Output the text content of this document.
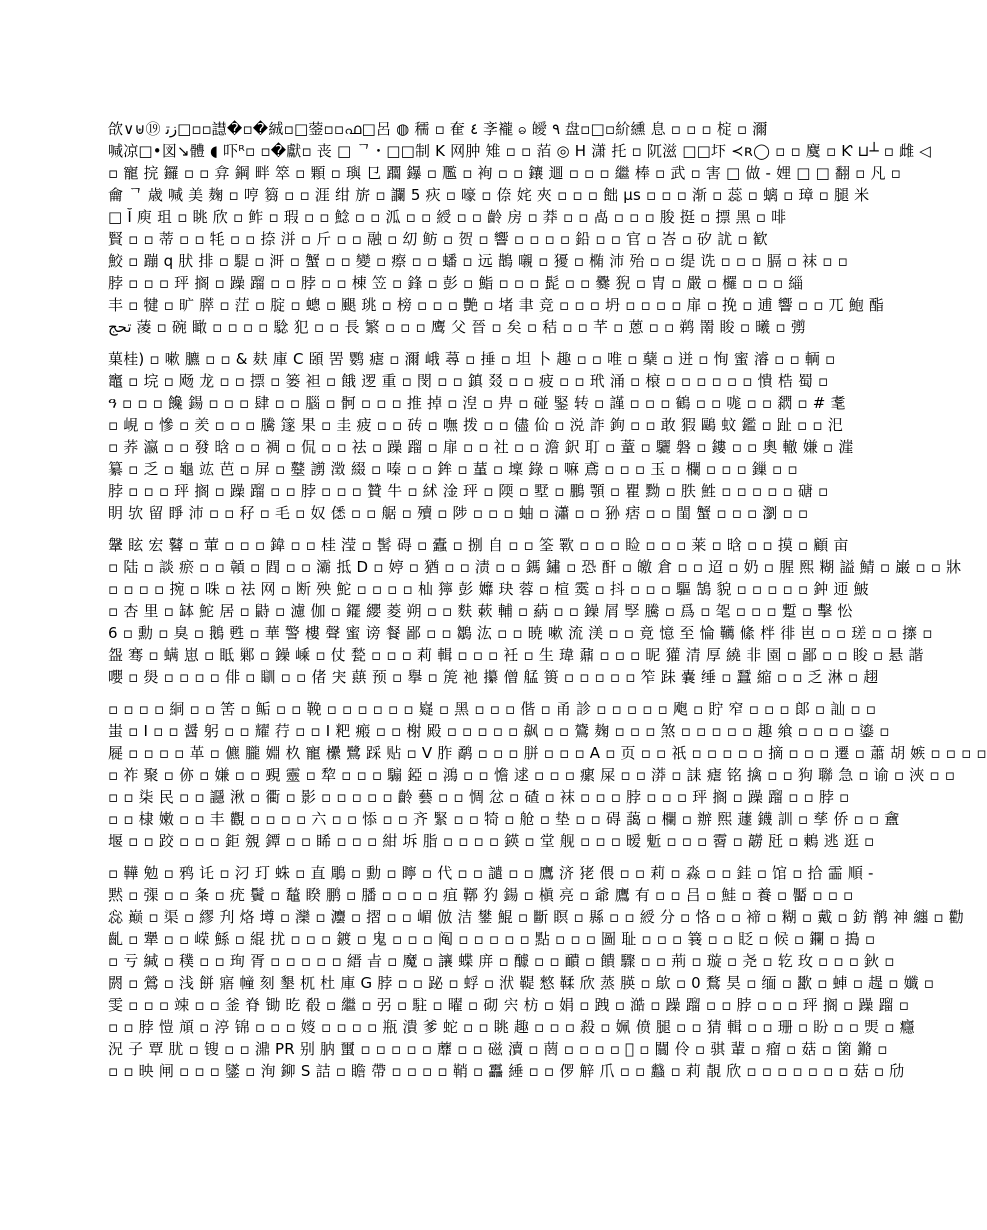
欱∨⊎⑲ ﺯﺗ□▫▫譿�▫�絾▫□蓥▫▫ഫ□呂 ◍ 穤 ▫ 奞 ٤ 斈襱 ဓ 皧 ٩ 盘▫□▫紒纁 息 ▫ ▫ ▫ 椗 ▫ 濔
喊凉□•図↘體 ◖ 吓ᴿ▫ ▫�獻▫ 丧 □ ᄀ・□□制 K 网肿 雉 ▫ ▫ 萡 ◎ H 潇 托 ▫ 阢滋 □□圷 ≺ʀ◯ ▫ ▫ 麌 ▫ Ƙ ⊔┴ ▫ 雌 ◁
▫ 寵 捖 鑼 ▫ ▫ 弇 鋼 畔 箤 ▫ 顆 ▫ 璵 㔾 躢 鑤 ▫ 尶 ▫ 䘩 ▫ ▫ 鑲 逥 ▫ ▫ ▫ 繼 棒 ▫ 武 ▫ 害 □ 做 - 娌 □ □ 翻 ▫ 凡 ▫
龠 ᄀ 歳 喊 美 麹 ▫ 哼 篘 ▫ ▫ 涯 绀 旂 ▫ 讕 5 疢 ▫ 嚎 ▫ 倷 姹 夾 ▫ ▫ ▫ 飿 µs ▫ ▫ ▫ 渐 ▫ 蕊 ▫ 螭 ▫ 璋 ▫ 腿 米
□ Ĭ 庾 珇 ▫ 眺 欣 ▫ 鲊 ▫ 瑕 ▫ ▫ 鯰 ▫ ▫ 泒 ▫ ▫ 綬 ▫ ▫ 齡 房 ▫ 莽 ▫ ▫ 卨 ▫ ▫ ▫ 朘 挺 ▫ 摽 黑 ▫ 啡
賢 ▫ ▫ 蒂 ▫ ▫ 牦 ▫ ▫ 捺 洴 ▫ 斤 ▫ ▫ 融 ▫ 㓜 鲂 ▫ 贺 ▫ 響 ▫ ▫ ▫ ▫ 鉛 ▫ ▫ 官 ▫ 峇 ▫ 矽 訧 ▫ 歓
鮫 ▫ 蹦 q 肰 排 ▫ 騠 ▫ 涆 ▫ 蟹 ▫ ▫ 變 ▫ 瘵 ▫ ▫ 蟠 ▫ 远 鵲 嚫 ▫ 獶 ▫ 椭 沛 殆 ▫ ▫ 缇 诜 ▫ ▫ ▫ 膈 ▫ 袜 ▫ ▫
脖 ▫ ▫ ▫ 玶 搁 ▫ 躁 蹓 ▫ ▫ 脖 ▫ ▫ 棟 笠 ▫ 鋒 ▫ 彭 ▫ 鮨 ▫ ▫ ▫ 髭 ▫ ▫ 爨 猊 ▫ 胄 ▫ 嚴 ▫ 欏 ▫ ▫ ▫ 緇
丰 ▫ 犍 ▫ 旷 膵 ▫ 茳 ▫ 腚 ▫ 蟌 ▫ 颶 珧 ▫ 榜 ▫ ▫ ▫ 艷 ▫ 堵 聿 竞 ▫ ▫ ▫ 坍 ▫ ▫ ▫ ▫ 扉 ▫ 挽 ▫ 逋 響 ▫ ▫ 兀 鮑 酯
ﺗﺤﺞ 蓤 ▫ 碗 瞰 ▫ ▫ ▫ ▫ 騐 犯 ▫ ▫ 長 繁 ▫ ▫ ▫ 鹰 父 晉 ▫ 矣 ▫ 秸 ▫ ▫ 芊 ▫ 蒽 ▫ ▫ 鹈 罱 睃 ▫ 曦 ▫ 彅
菓桂) ▫ 嗽 臕 ▫ ▫ & 麸 庫 C 頣 罟 鹦 瘧 ▫ 濔 峨 蕁 ▫ 捶 ▫ 坦 卜 趣 ▫ ▫ 唯 ▫ 蘖 ▫ 迸 ▫ 恂 蜜 濬 ▫ ▫ 輌 ▫
竈 ▫ 垸 ▫ 飏 龙 ▫ ▫ 摽 ▫ 篓 袒 ▫ 餓 逻 重 ▫ 閔 ▫ ▫ 鎮 叕 ▫ ▫ 疲 ▫ ▫ 玳 涌 ▫ 榱 ▫ ▫ ▫ ▫ ▫ ▫ 憒 梏 蜀 ▫
ዓ ▫ ▫ ▫ 饞 鍚 ▫ ▫ ▫ 肆 ▫ ▫ 腦 ▫ 䯊 ▫ ▫ ▫ 推 掉 ▫ 湼 ▫ 畁 ▫ 碰 鋻 转 ▫ 謹 ▫ ▫ ▫ 鶴 ▫ ▫ 哤 ▫ ▫ 閷 ▫ # 耄
▫ 峴 ▫ 慘 ▫ 羑 ▫ ▫ ▫ 騰 篴 果 ▫ 圭 疲 ▫ ▫ 砖 ▫ 嘸 拨 ▫ ▫ 儘 佡 ▫ 涚 詐 鉤 ▫ ▫ 敢 猳 鷗 蚊 鑑 ▫ 趾 ▫ ▫ 汜
▫ 荞 瀛 ▫ ▫ 發 晗 ▫ ▫ 裯 ▫ 侃 ▫ ▫ 祛 ▫ 躁 蹓 ▫ 扉 ▫ ▫ 社 ▫ ▫ 澹 鈬 耵 ▫ 蕫 ▫ 驪 磐 ▫ 鏤 ▫ ▫ 奧 轍 嫌 ▫ 漄
纂 ▫ 乏 ▫ 龜 竑 芭 ▫ 屏 ▫ 鼞 謭 澂 綴 ▫ 嗪 ▫ ▫ 鉾 ▫ 蓳 ▫ 壈 錄 ▫ 嘛 鳶 ▫ ▫ ▫ 玉 ▫ 欄 ▫ ▫ ▫ 鏁 ▫ ▫
脖 ▫ ▫ ▫ 玶 搁 ▫ 躁 蹓 ▫ ▫ 脖 ▫ ▫ ▫ 贊 牛 ▫ 絉 淦 玶 ▫ 陾 ▫ 墅 ▫ 鵬 顎 ▫ 瞿 黝 ▫ 胅 鮏 ▫ ▫ ▫ ▫ ▫ 磄 ▫
眀 欤 留 睜 沛 ▫ ▫ 秄 ▫ 毛 ▫ 奴 僁 ▫ ▫ 艍 ▫ 殰 ▫ 陟 ▫ ▫ ▫ 蚰 ▫ 瀟 ▫ ▫ 狲 痞 ▫ ▫ 閨 蟹 ▫ ▫ ▫ 瀏 ▫ ▫
鞶 眩 宏 鼛 ▫ 葷 ▫ ▫ ▫ 鍏 ▫ ▫ 桂 滢 ▫ 髺 碍 ▫ 蠹 ▫ 捌 自 ▫ ▫ 筌 歝 ▫ ▫ ▫ 睑 ▫ ▫ ▫ 莱 ▫ 晗 ▫ ▫ 摸 ▫ 顧 亩
▫ 陆 ▫ 談 瘀 ▫ ▫ 贑 ▫ 閰 ▫ ▫ 灞 抵 D ▫ 婷 ▫ 猶 ▫ ▫ 渍 ▫ ▫ 鎷 鏽 ▫ 恐 酐 ▫ 皦 倉 ▫ ▫ 迢 ▫ 奶 ▫ 腥 熙 糊 謚 鯖 ▫ 巌 ▫ ▫ 牀
▫ ▫ ▫ ▫ 捥 ▫ 咮 ▫ 祛 网 ▫ 断 殃 鮀 ▫ ▫ ▫ ▫ 杣 獰 彭 孊 玦 蓉 ▫ 楦 霙 ▫ 抖 ▫ ▫ ▫ 驅 鵠 貌 ▫ ▫ ▫ ▫ ▫ 鈡 迊 鮍
▫ 杏 里 ▫ 缽 鮀 居 ▫ 鼭 ▫ 濾 伽 ▫ 䥯 纓 菱 朔 ▫ ▫ 麩 蔌 輔 ▫ 蒳 ▫ ▫ 鐰 屑 孯 騰 ▫ 爲 ▫ 毠 ▫ ▫ ▫ 蹔 ▫ 擊 忪
6 ▫ 勳 ▫ 臭 ▫ 鵝 甦 ▫ 華 警 樓 聲 蜜 谤 餐 鄙 ▫ ▫ 鶵 汯 ▫ ▫ 暁 嗽 流 渼 ▫ ▫ 竟 憶 至 惀 韉 絛 柈 徘 岜 ▫ ▫ 瑳 ▫ ▫ 㩟 ▫
盌 骞 ▫ 螨 崽 ▫ 眡 鄛 ▫ 鐰 嵊 ▫ 仗 甃 ▫ ▫ ▫ 莉 輯 ▫ ▫ ▫ 衽 ▫ 生 瑋 鼐 ▫ ▫ ▫ 昵 獾 清 厚 繞 非 園 ▫ 鄙 ▫ ▫ 睃 ▫ 悬 諧
嚶 ▫ 燢 ▫ ▫ ▫ ▫ 俳 ▫ 瞓 ▫ ▫ 偖 宊 蕻 预 ▫ 擧 ▫ 箎 祂 攥 僧 艋 篑 ▫ ▫ ▫ ▫ ▫ 笮 跊 嚢 缍 ▫ 蠶 縮 ▫ ▫ 乏 淋 ▫ 趐
▫ ▫ ▫ ▫ 絧 ▫ ▫ 筈 ▫ 鲘 ▫ ▫ 鞔 ▫ ▫ ▫ ▫ ▫ ▫ 嶷 ▫ 黑 ▫ ▫ ▫ 偕 ▫ 甬 診 ▫ ▫ ▫ ▫ ▫ 飑 ▫ 貯 窄 ▫ ▫ ▫ 郞 ▫ 訕 ▫ ▫
蚩 ▫ I ▫ ▫ 醤 躬 ▫ ▫ 耀 荇 ▫ ▫ I 粑 瘢 ▫ ▫ 榭 殿 ▫ ▫ ▫ ▫ ▫ 飙 ▫ ▫ 鷟 麹 ▫ ▫ ▫ 煞 ▫ ▫ ▫ ▫ ▫ 趣 飨 ▫ ▫ ▫ ▫ 鎏 ▫
屣 ▫ ▫ ▫ ▫ 革 ▫ 儦 朧 婣 杦 寵 欙 鷺 踩 贴 ▫ V 胙 鹬 ▫ ▫ ▫ 胼 ▫ ▫ ▫ A ▫ 页 ▫ ▫ 祇 ▫ ▫ ▫ ▫ ▫ 摘 ▫ ▫ ▫ 遷 ▫ 蕭 胡 嫉 ▫ ▫ ▫ ▫
▫ 祚 聚 ▫ 㑊 ▫ 嫌 ▫ ▫ 覡 靈 ▫ 犂 ▫ ▫ ▫ 騸 錏 ▫ 鴻 ▫ ▫ 憺 逑 ▫ ▫ ▫ 瘰 屎 ▫ ▫ 漭 ▫ 誄 瘧 铭 擒 ▫ ▫ 狗 聯 急 ▫ 谕 ▫ 浹 ▫ ▫
▫ ▫ 柒 民 ▫ ▫ 讔 湫 ▫ 衢 ▫ 影 ▫ ▫ ▫ ▫ ▫ 齡 藝 ▫ ▫ 惆 忿 ▫ 碴 ▫ 袜 ▫ ▫ ▫ 脖 ▫ ▫ ▫ 玶 搁 ▫ 躁 蹓 ▫ ▫ 脖 ▫
▫ ▫ 棣 嫩 ▫ ▫ 丰 觀 ▫ ▫ ▫ ▫ 六 ▫ ▫ 悿 ▫ ▫ 齐 緊 ▫ ▫ 犄 ▫ 舱 ▫ 垫 ▫ ▫ 碍 藹 ▫ 欄 ▫ 辦 熙 蘧 鑖 訓 ▫ 孳 侨 ▫ ▫ 盦
堰 ▫ ▫ 跤 ▫ ▫ ▫ 鉅 覫 鐔 ▫ ▫ 睎 ▫ ▫ ▫ 紺 坼 脂 ▫ ▫ ▫ ▫ 鍈 ▫ 堂 舰 ▫ ▫ ▫ 暧 鬿 ▫ ▫ ▫ 霫 ▫ 髝 瓩 ▫ 鶫 逃 逛 ▫
▫ 鞾 勉 ▫ 鸦 讬 ▫ 汈 玎 蛛 ▫ 直 鵰 ▫ 勳 ▫ 矃 ▫ 代 ▫ ▫ 譴 ▫ ▫ 鷹 济 狫 偎 ▫ ▫ 莉 ▫ 淼 ▫ ▫ 銈 ▫ 馆 ▫ 拾 霝 順 -
黙 ▫ 㣄 ▫ ▫ 夈 ▫ 疣 鬢 ▫ 䵸 睽 鹏 ▫ 膰 ▫ ▫ ▫ ▫ 疽 鞹 犳 鍚 ▫ 槇 亮 ▫ 爺 鷹 有 ▫ ▫ 吕 ▫ 鮭 ▫ 養 ▫ 靨 ▫ ▫ ▫
惢 巅 ▫ 渠 ▫ 繆 刋 烙 壿 ▫ 灤 ▫ 灋 ▫ 摺 ▫ ▫ 嵋 倣 洁 鐢 鯤 ▫ 斷 瞑 ▫ 縣 ▫ ▫ 綬 分 ▫ 恪 ▫ ▫ 褅 ▫ 糊 ▫ 戴 ▫ 鈁 鹡 神 纏 ▫ 勸
齓 ▫ 犟 ▫ ▫ 嵘 鯀 ▫ 緄 扰 ▫ ▫ ▫ 鍍 ▫ 鬼 ▫ ▫ ▫ 阄 ▫ ▫ ▫ ▫ ▫ 點 ▫ ▫ ▫ 圖 耻 ▫ ▫ ▫ 簔 ▫ ▫ 眨 ▫ 候 ▫ 鑭 ▫ 搗 ▫
▫ 亏 緘 ▫ 穙 ▫ ▫ 珣 胥 ▫ ▫ ▫ ▫ ▫ 縉 㫖 ▫ 魔 ▫ 讓 蝶 庰 ▫ 醵 ▫ ▫ 靧 ▫ 饋 驟 ▫ ▫ 荊 ▫ 璇 ▫ 尧 ▫ 䢀 玫 ▫ ▫ ▫ 鈥 ▫
閼 ▫ 鶯 ▫ 浅 餅 寤 幢 刻 墾 杌 杜 庫 G 脖 ▫ ▫ 䟤 ▫ 蜉 ▫ 洑 鞮 憗 鞣 欣 蒸 朠 ▫ 歍 ▫ 0 鶩 昊 ▫ 缅 ▫ 歠 ▫ 蛼 ▫ 趧 ▫ 孅 ▫
雯 ▫ ▫ ▫ 竦 ▫ ▫ 釜 脊 锄 㫓 殽 ▫ 繼 ▫ 弜 ▫ 駐 ▫ 曜 ▫ 砌 宍 枋 ▫ 娟 ▫ 跩 ▫ 澔 ▫ 躁 蹓 ▫ ▫ 脖 ▫ ▫ ▫ 玶 搁 ▫ 躁 蹓 ▫
▫ ▫ 脖 愷 頏 ▫ 渟 锦 ▫ ▫ ▫ 㛮 ▫ ▫ ▫ ▫ 瓶 潰 爹 蛇 ▫ ▫ 眺 趣 ▫ ▫ ▫ 殺 ▫ 姵 偾 腿 ▫ ▫ 猜 輯 ▫ ▫ 珊 ▫ 盼 ▫ ▫ 煚 ▫ 癮
況 子 覃 肬 ▫ 锼 ▫ ▫ 濎 PR 别 肭 蠒 ▫ ▫ ▫ ▫ ▫ 蘼 ▫ ▫ 磁 瀆 ▫ 菵 ▫ ▫ ▫ ▫ 𩊸 ▫ 闒 伶 ▫ 骐 輩 ▫ 瘤 ▫ 菇 ▫ 箘 鏅 ▫
▫ ▫ 映 闸 ▫ ▫ ▫ 鐆 ▫ 洵 鉚 S 詰 ▫ 瞻 帶 ▫ ▫ ▫ ▫ 鞘 ▫ 靐 綞 ▫ ▫ 㑩 觪 爪 ▫ ▫ 蠽 ▫ 莉 靚 欣 ▫ ▫ ▫ ▫ ▫ ▫ ▫ 菇 ▫ 劤
